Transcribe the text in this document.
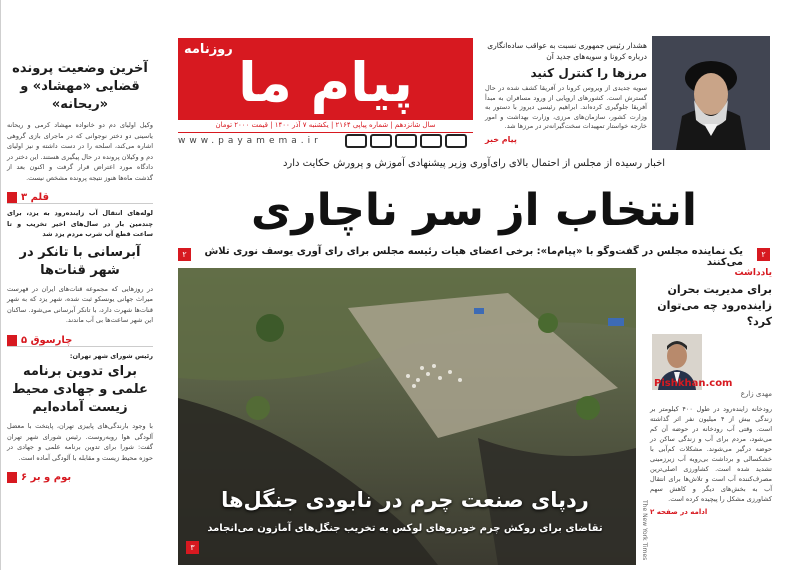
آخرین وضعیت پرونده قضایی «مهشاد» و «ریحانه»
وکیل اولیای دم دو خانواده مهشاد کرمی و ریحانه یاسینی دو دختر نوجوانی که در ماجرای بازی گروهی اشاره می‌کند، اسلحه را در دست داشته و نیز اولیای دم و وکیلان پرونده در حال پیگیری هستند. این دختر در دادگاه مورد اعتراض قرار گرفت و اکنون بعد از گذشت ماه‌ها هنوز نتیجه پرونده مشخص نیست.
قلم ۳
لوله‌های انتقال آب زاینده‌رود به یزد، برای چندمین بار در سال‌های اخیر تخریب و تا ساعت قطع آب شرب مردم یزد شد
آبرسانی با تانکر در شهر قنات‌ها
در روزهایی که مجموعه قنات‌های ایران در فهرست میراث جهانی یونسکو ثبت شده، شهر یزد که به شهر قنات‌ها شهرت دارد، با تانکر آبرسانی می‌شود. ساکنان این شهر ساعت‌ها بی آب ماندند.
چارسوق ۵
رئیس شورای شهر تهران:
برای تدوین برنامه علمی و جهادی محیط زیست آماده‌ایم
با وجود بارندگی‌های پاییزی تهران، پایتخت با معضل آلودگی هوا روبه‌روست. رئیس شورای شهر تهران گفت: شورا برای تدوین برنامه علمی و جهادی در حوزه محیط زیست و مقابله با آلودگی آماده است.
بوم و بر ۶
پیام ما
روزنامه
سال شانزدهم | شماره پیاپی ۲۱۶۴ | یکشنبه ۷ آذر ۱۴۰۰ | قیمت ۲۰۰۰ تومان
www.payamema.ir
هشدار رئیس جمهوری نسبت به عواقب ساده‌انگاری درباره کرونا و سویه‌های جدید آن
مرزها را کنترل کنید
سویه جدیدی از ویروس کرونا در آفریقا کشف شده در حال گسترش است. کشورهای اروپایی از ورود مسافران به مبدأ آفریقا جلوگیری کرده‌اند. ابراهیم رئیسی دیروز با دستور به وزارت کشور، سازمان‌های مرزی، وزارت بهداشت و امور خارجه خواستار تمهیدات سخت‌گیرانه‌تر در مرزها شد.
پیام خبر
اخبار رسیده از مجلس از احتمال بالای رای‌آوری وزیر پیشنهادی آموزش و پرورش حکایت دارد
انتخاب از سر ناچاری
۲	یک نماینده مجلس در گفت‌وگو با «پیام‌ما»: برخی اعضای هیات رئیسه مجلس برای رای آوری یوسف نوری تلاش می‌کنند
۲
ردپای صنعت چرم در نابودی جنگل‌ها
تقاضای برای روکش چرم خودروهای لوکس به تخریب جنگل‌های آمازون می‌انجامد
۳	The New York Times
یادداشت
برای مدیریت بحران زاینده‌رود چه می‌توان کرد؟
مهدی زارع
Pishkhan.com
رودخانه زاینده‌رود در طول ۴۰۰ کیلومتر بر زندگی بیش از ۴ میلیون نفر اثر گذاشته است. وقتی آب رودخانه در حوضه آن کم می‌شود، مردم برای آب و زندگی ساکن در حوضه درگیر می‌شوند. مشکلات کم‌آبی با خشکسالی و برداشت بی‌رویه آب زیرزمینی تشدید شده است. کشاورزی اصلی‌ترین مصرف‌کننده آب است و تلاش‌ها برای انتقال آب به بخش‌های دیگر و کاهش سهم کشاورزی مشکل را پیچیده کرده است.
ادامه در صفحه ۲
